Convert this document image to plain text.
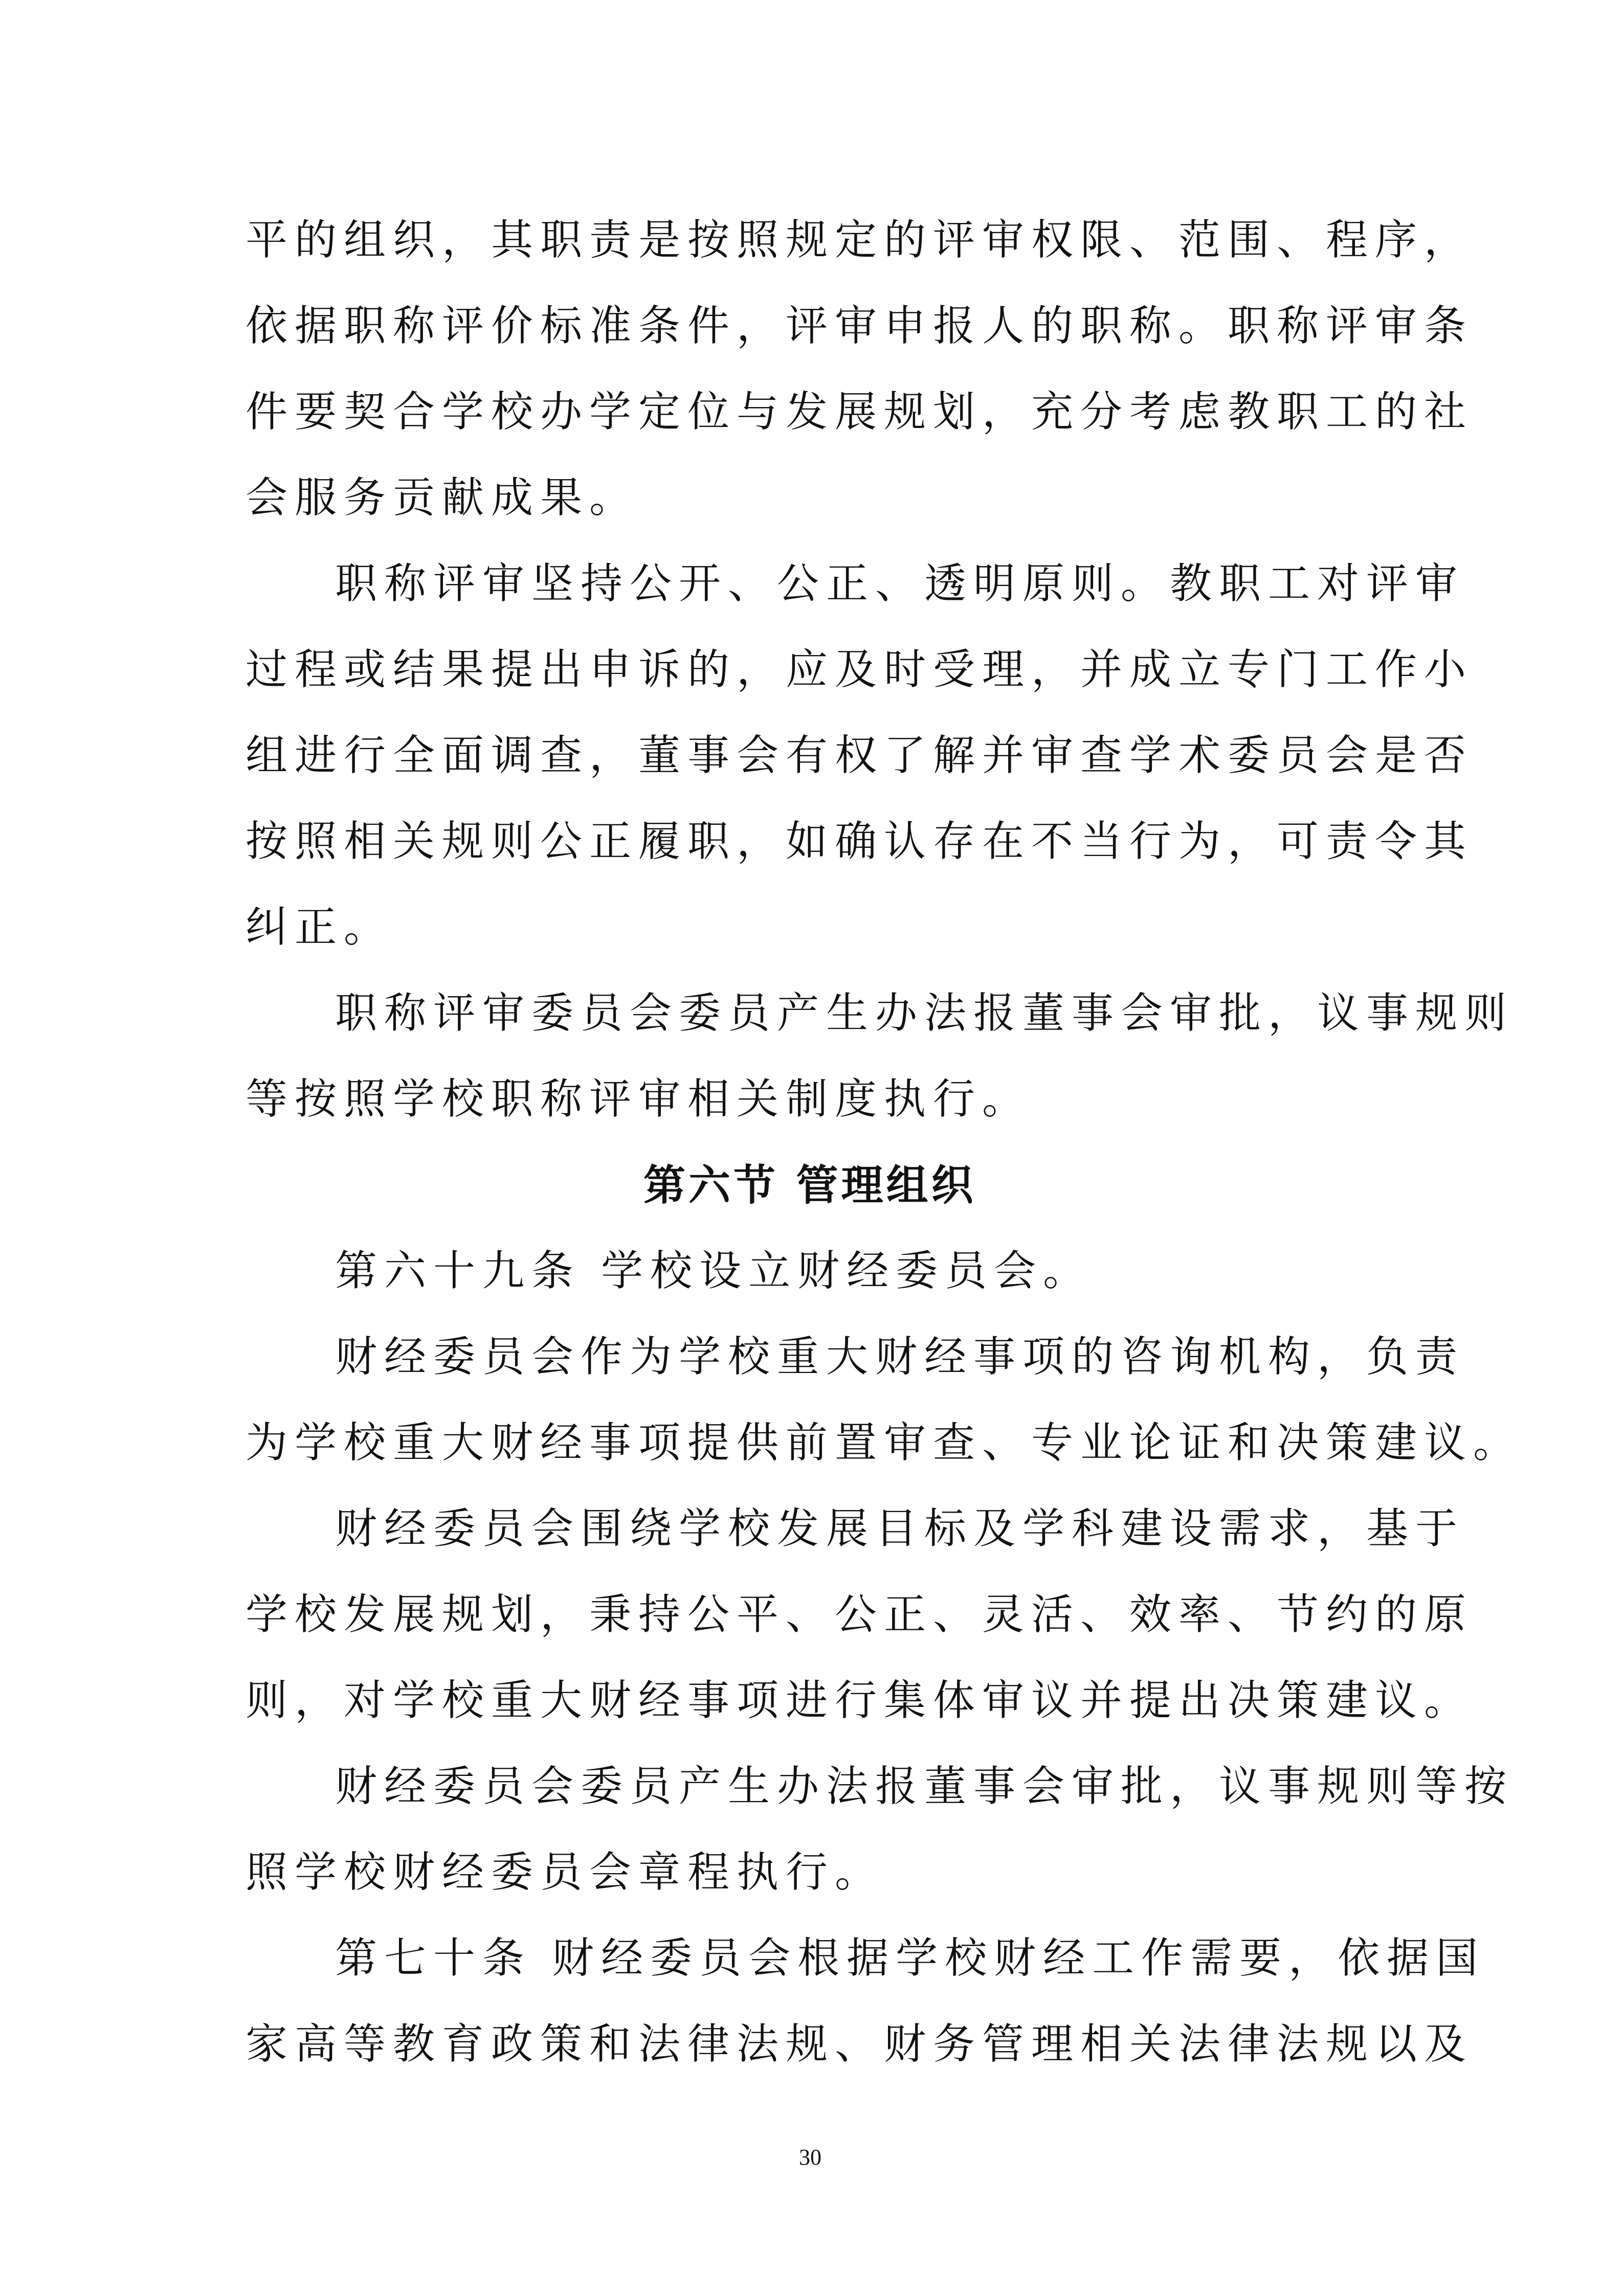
平的组织，其职责是按照规定的评审权限、范围、程序，
依据职称评价标准条件，评审申报人的职称。职称评审条
件要契合学校办学定位与发展规划，充分考虑教职工的社
会服务贡献成果。
职称评审坚持公开、公正、透明原则。教职工对评审
过程或结果提出申诉的，应及时受理，并成立专门工作小
组进行全面调查，董事会有权了解并审查学术委员会是否
按照相关规则公正履职，如确认存在不当行为，可责令其
纠正。
职称评审委员会委员产生办法报董事会审批，议事规则
等按照学校职称评审相关制度执行。
第六节 管理组织
第六十九条 学校设立财经委员会。
财经委员会作为学校重大财经事项的咨询机构，负责
为学校重大财经事项提供前置审查、专业论证和决策建议。
财经委员会围绕学校发展目标及学科建设需求，基于
学校发展规划，秉持公平、公正、灵活、效率、节约的原
则，对学校重大财经事项进行集体审议并提出决策建议。
财经委员会委员产生办法报董事会审批，议事规则等按
照学校财经委员会章程执行。
第七十条 财经委员会根据学校财经工作需要，依据国
家高等教育政策和法律法规、财务管理相关法律法规以及
30
